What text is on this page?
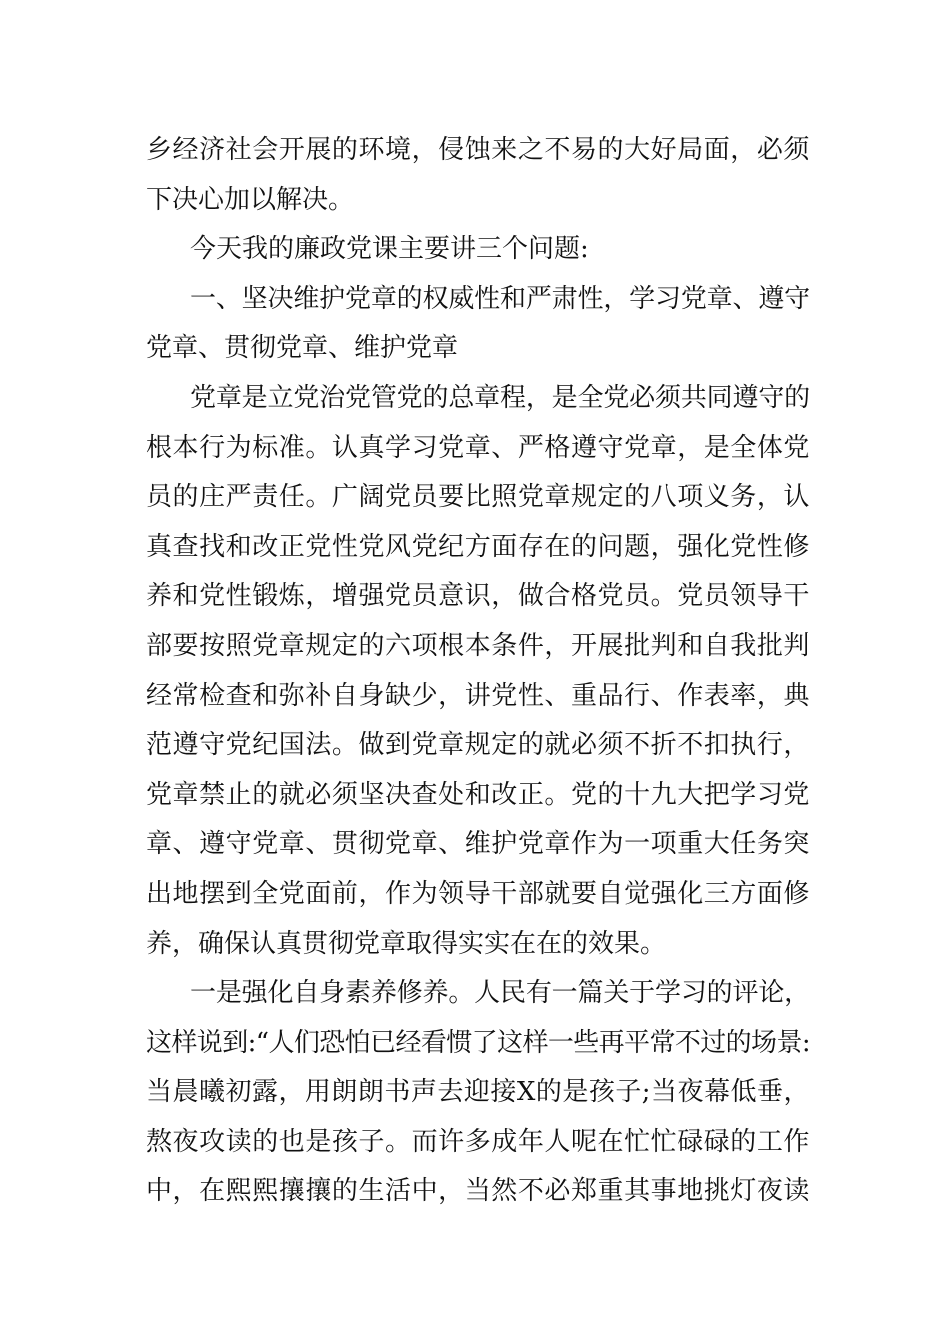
乡经济社会开展的环境，侵蚀来之不易的大好局面，必须
下决心加以解决。
今天我的廉政党课主要讲三个问题:
一、坚决维护党章的权威性和严肃性，学习党章、遵守
党章、贯彻党章、维护党章
党章是立党治党管党的总章程，是全党必须共同遵守的
根本行为标准。认真学习党章、严格遵守党章，是全体党
员的庄严责任。广阔党员要比照党章规定的八项义务，认
真查找和改正党性党风党纪方面存在的问题，强化党性修
养和党性锻炼，增强党员意识，做合格党员。党员领导干
部要按照党章规定的六项根本条件，开展批判和自我批判
经常检查和弥补自身缺少，讲党性、重品行、作表率，典
范遵守党纪国法。做到党章规定的就必须不折不扣执行，
党章禁止的就必须坚决查处和改正。党的十九大把学习党
章、遵守党章、贯彻党章、维护党章作为一项重大任务突
出地摆到全党面前，作为领导干部就要自觉强化三方面修
养，确保认真贯彻党章取得实实在在的效果。
一是强化自身素养修养。人民有一篇关于学习的评论，
这样说到:“人们恐怕已经看惯了这样一些再平常不过的场景:
当晨曦初露，用朗朗书声去迎接X的是孩子;当夜幕低垂，
熬夜攻读的也是孩子。而许多成年人呢在忙忙碌碌的工作
中，在熙熙攘攘的生活中，当然不必郑重其事地挑灯夜读
